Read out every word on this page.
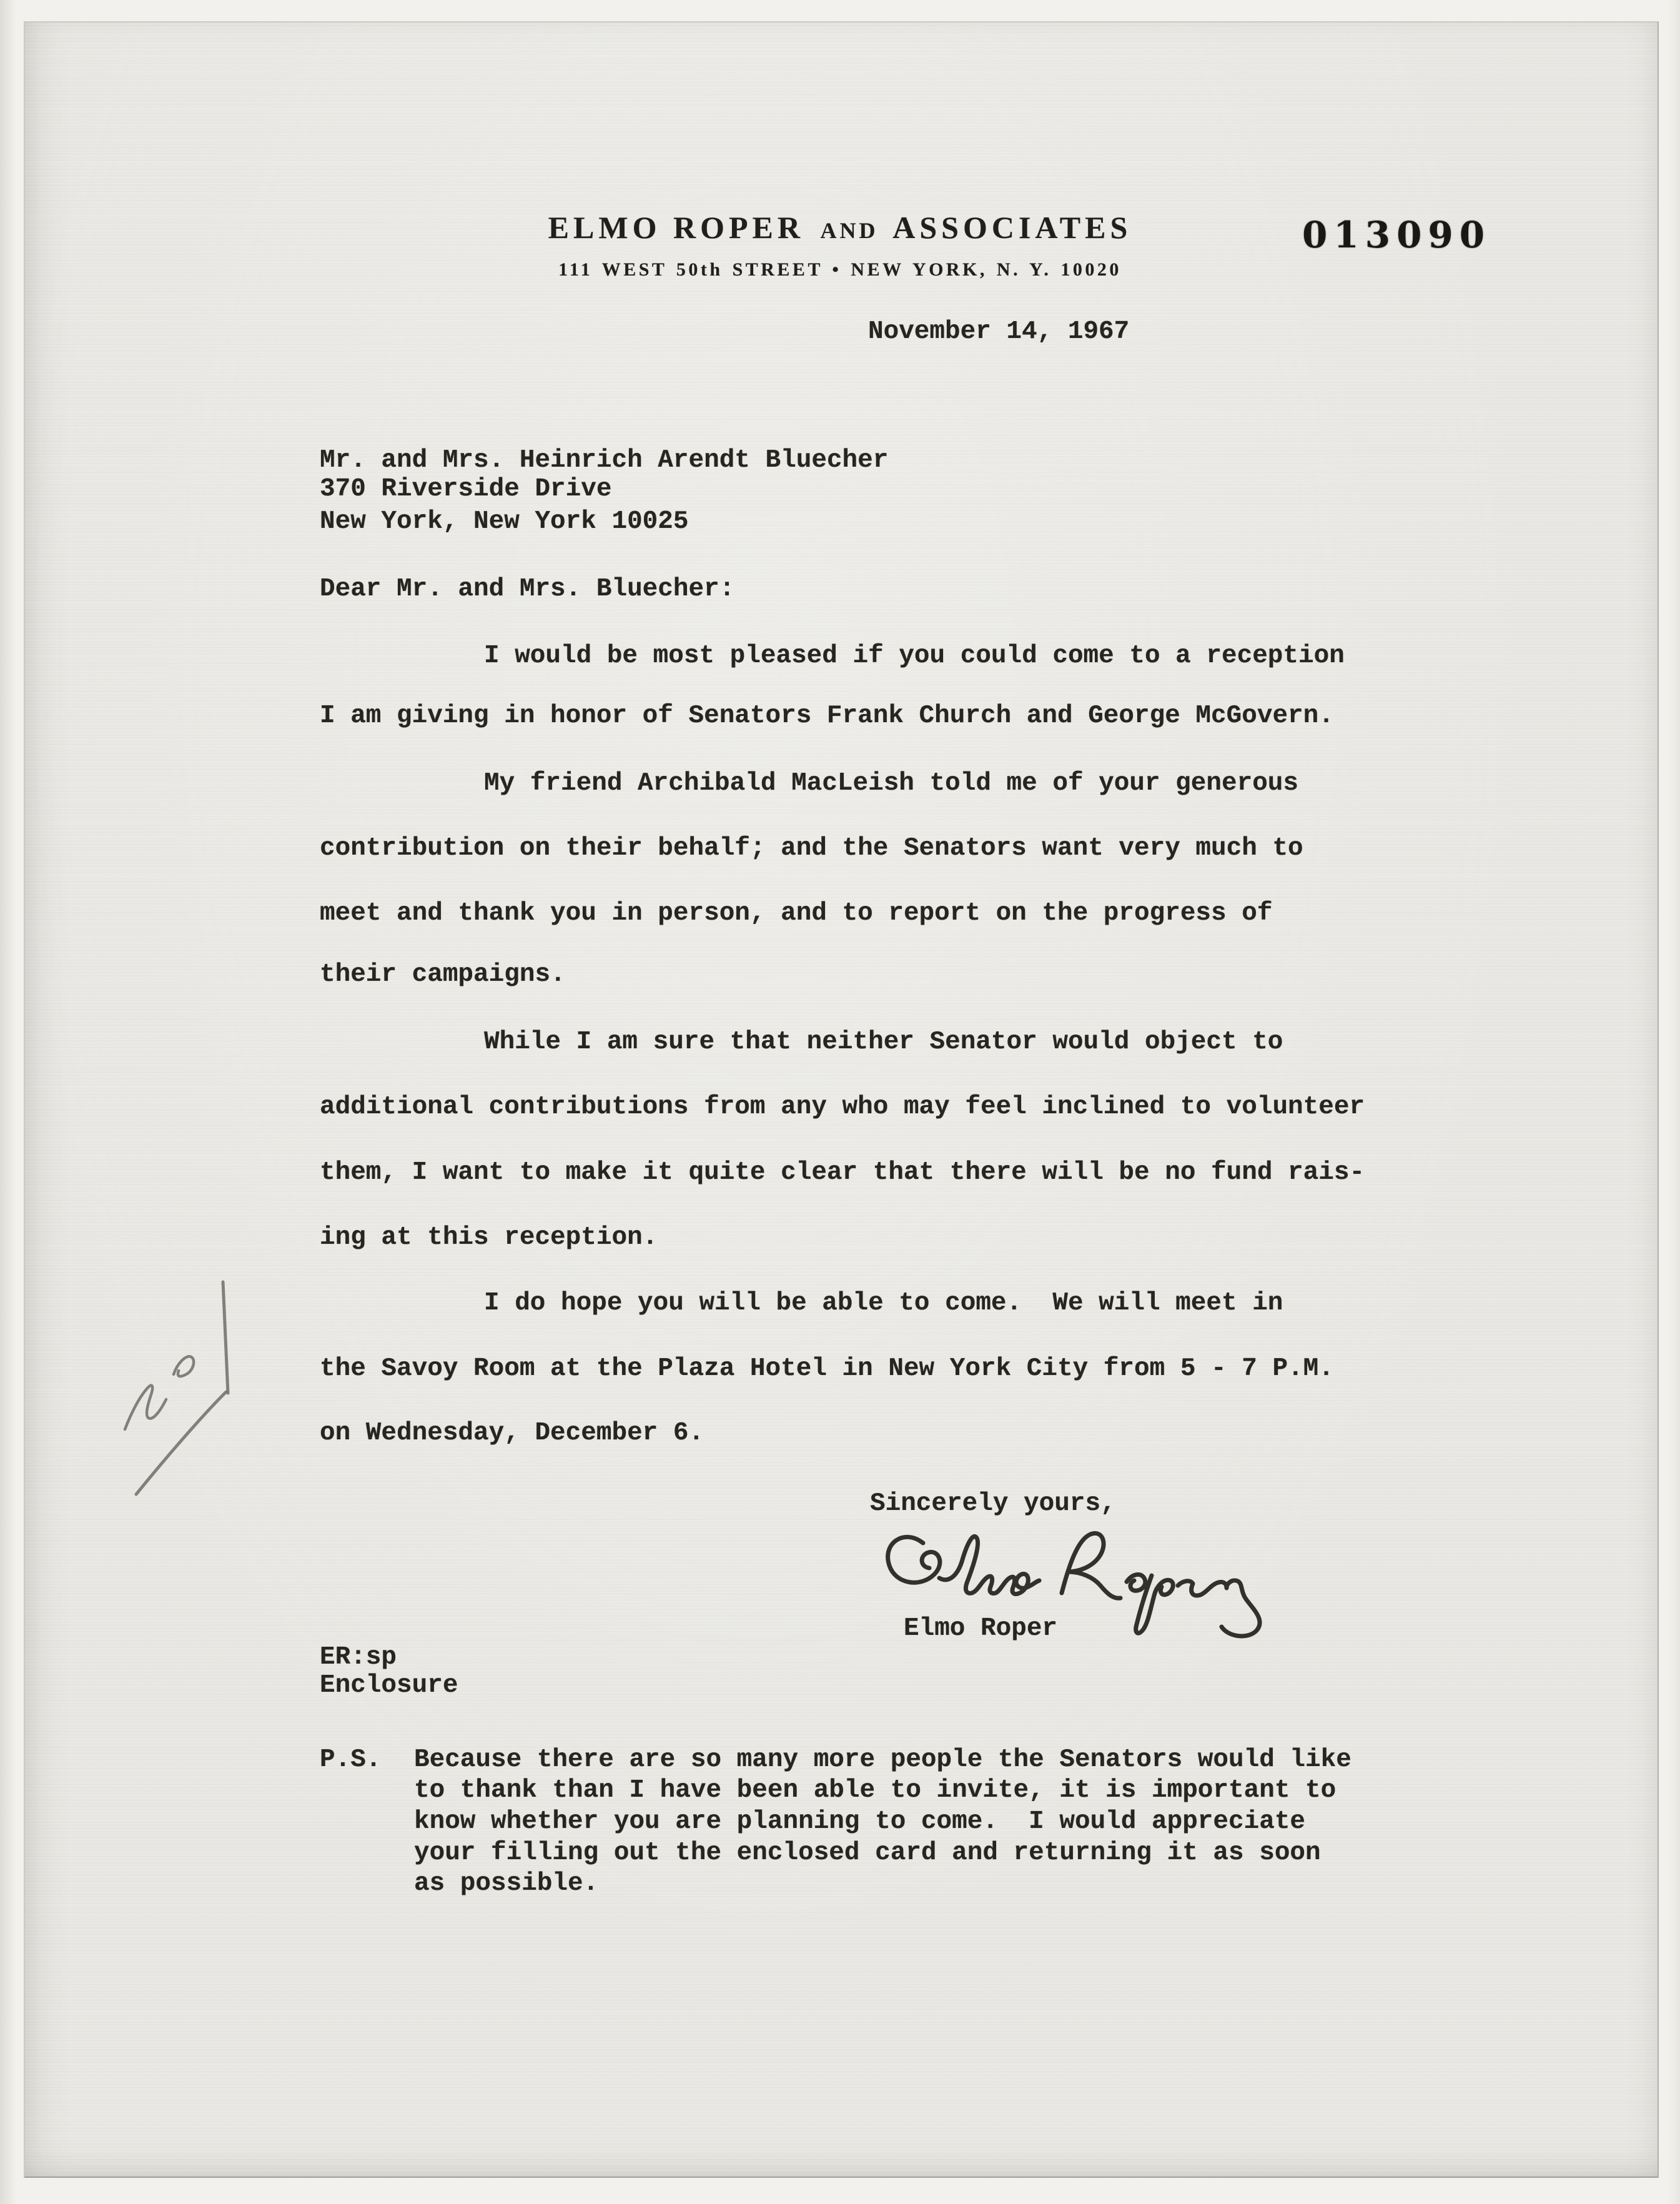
ELMO ROPER AND ASSOCIATES
111 WEST 50th STREET • NEW YORK, N. Y. 10020
013090
November 14, 1967
Mr. and Mrs. Heinrich Arendt Bluecher
370 Riverside Drive
New York, New York 10025
Dear Mr. and Mrs. Bluecher:
I would be most pleased if you could come to a reception
I am giving in honor of Senators Frank Church and George McGovern.
My friend Archibald MacLeish told me of your generous
contribution on their behalf; and the Senators want very much to
meet and thank you in person, and to report on the progress of
their campaigns.
While I am sure that neither Senator would object to
additional contributions from any who may feel inclined to volunteer
them, I want to make it quite clear that there will be no fund rais-
ing at this reception.
I do hope you will be able to come.  We will meet in
the Savoy Room at the Plaza Hotel in New York City from 5 - 7 P.M.
on Wednesday, December 6.
Sincerely yours,
Elmo Roper
ER:sp
Enclosure
P.S. Because there are so many more people the Senators would like
to thank than I have been able to invite, it is important to
know whether you are planning to come.  I would appreciate
your filling out the enclosed card and returning it as soon
as possible.
